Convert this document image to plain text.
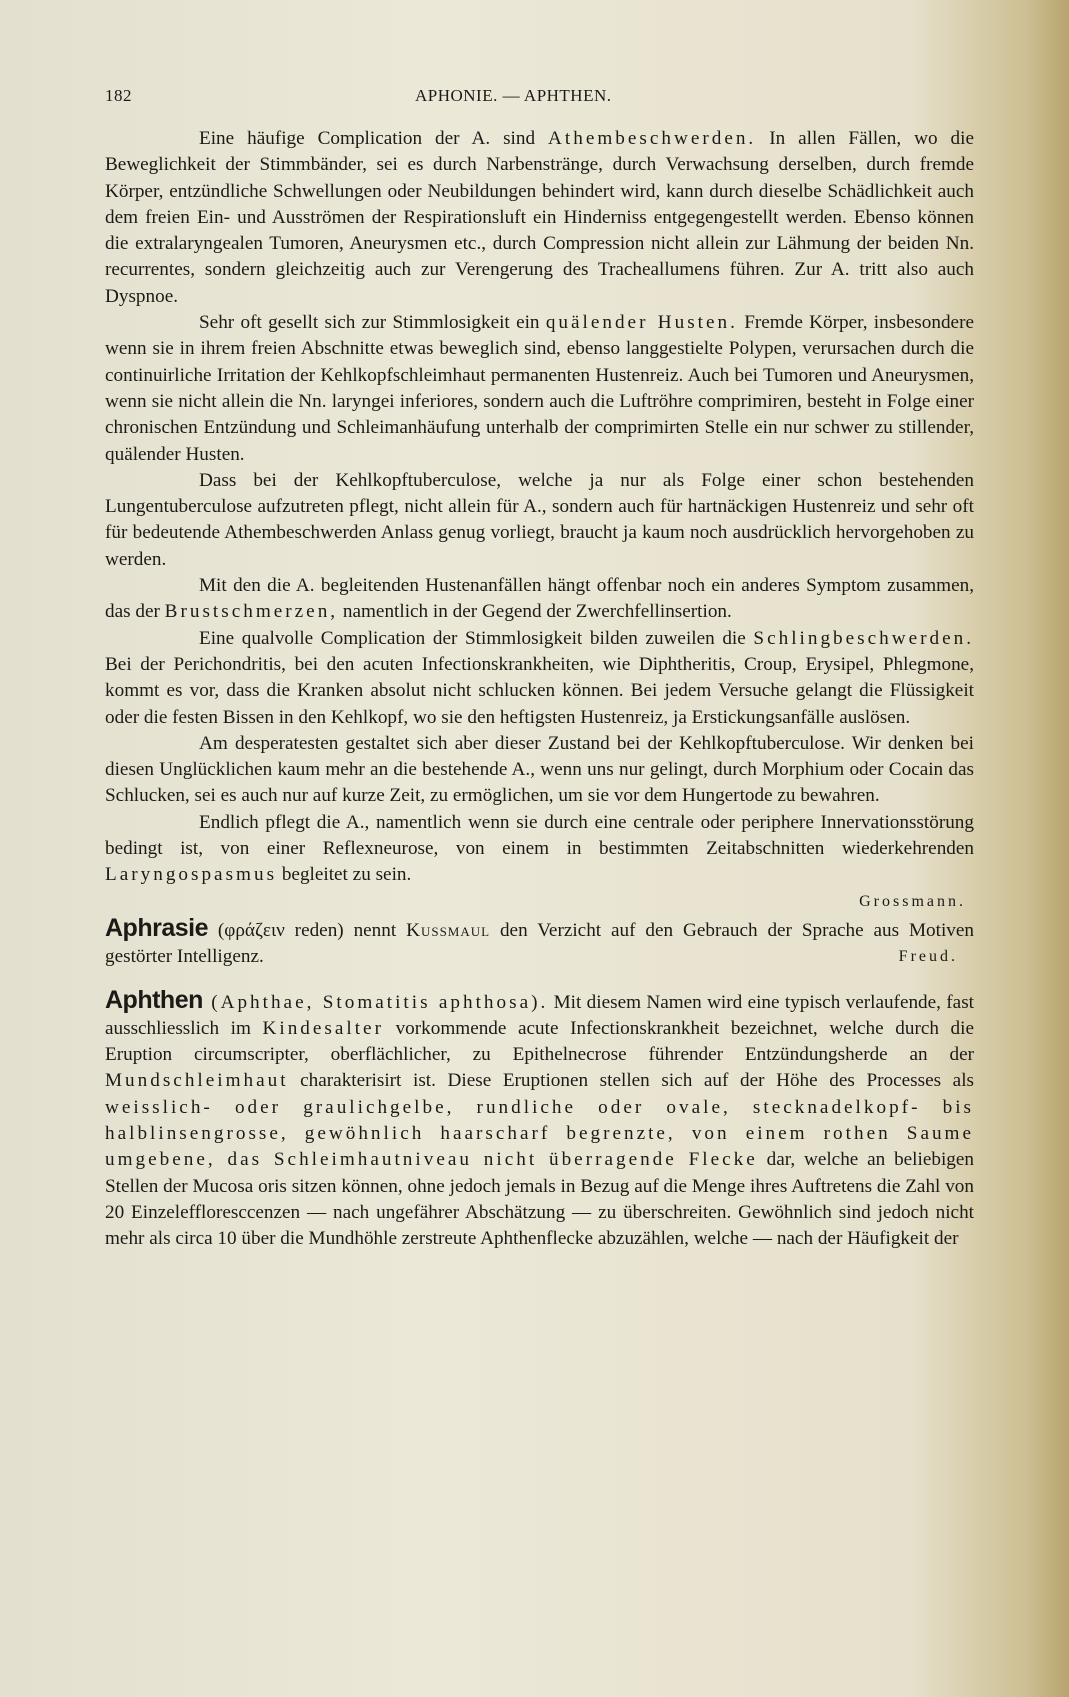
182	APHONIE. — APHTHEN.

Eine häufige Complication der A. sind Athembeschwerden. In allen Fällen, wo die Beweglichkeit der Stimmbänder, sei es durch Narbenstränge, durch Verwachsung derselben, durch fremde Körper, entzündliche Schwellungen oder Neubildungen behindert wird, kann durch dieselbe Schädlichkeit auch dem freien Ein- und Ausströmen der Respirationsluft ein Hinderniss entgegengestellt werden. Ebenso können die extralaryngealen Tumoren, Aneurysmen etc., durch Compression nicht allein zur Lähmung der beiden Nn. recurrentes, sondern gleichzeitig auch zur Verengerung des Tracheallumens führen. Zur A. tritt also auch Dyspnoe.

Sehr oft gesellt sich zur Stimmlosigkeit ein quälender Husten. Fremde Körper, insbesondere wenn sie in ihrem freien Abschnitte etwas beweglich sind, ebenso langgestielte Polypen, verursachen durch die continuirliche Irritation der Kehlkopfschleimhaut permanenten Hustenreiz. Auch bei Tumoren und Aneurysmen, wenn sie nicht allein die Nn. laryngei inferiores, sondern auch die Luftröhre comprimiren, besteht in Folge einer chronischen Entzündung und Schleimanhäufung unterhalb der comprimirten Stelle ein nur schwer zu stillender, quälender Husten.

Dass bei der Kehlkopftuberculose, welche ja nur als Folge einer schon bestehenden Lungentuberculose aufzutreten pflegt, nicht allein für A., sondern auch für hartnäckigen Hustenreiz und sehr oft für bedeutende Athembeschwerden Anlass genug vorliegt, braucht ja kaum noch ausdrücklich hervorgehoben zu werden.

Mit den die A. begleitenden Hustenanfällen hängt offenbar noch ein anderes Symptom zusammen, das der Brustschmerzen, namentlich in der Gegend der Zwerchfellinsertion.

Eine qualvolle Complication der Stimmlosigkeit bilden zuweilen die Schlingbeschwerden. Bei der Perichondritis, bei den acuten Infectionskrankheiten, wie Diphtheritis, Croup, Erysipel, Phlegmone, kommt es vor, dass die Kranken absolut nicht schlucken können. Bei jedem Versuche gelangt die Flüssigkeit oder die festen Bissen in den Kehlkopf, wo sie den heftigsten Hustenreiz, ja Erstickungsanfälle auslösen.

Am desperatesten gestaltet sich aber dieser Zustand bei der Kehlkopftuberculose. Wir denken bei diesen Unglücklichen kaum mehr an die bestehende A., wenn uns nur gelingt, durch Morphium oder Cocain das Schlucken, sei es auch nur auf kurze Zeit, zu ermöglichen, um sie vor dem Hungertode zu bewahren.

Endlich pflegt die A., namentlich wenn sie durch eine centrale oder periphere Innervationsstörung bedingt ist, von einer Reflexneurose, von einem in bestimmten Zeitabschnitten wiederkehrenden Laryngospasmus begleitet zu sein.

Grossmann.

Aphrasie (φράζειν reden) nennt Kussmaul den Verzicht auf den Gebrauch der Sprache aus Motiven gestörter Intelligenz.	Freud.

Aphthen (Aphthae, Stomatitis aphthosa). Mit diesem Namen wird eine typisch verlaufende, fast ausschliesslich im Kindesalter vorkommende acute Infectionskrankheit bezeichnet, welche durch die Eruption circumscripter, oberflächlicher, zu Epithelnecrose führender Entzündungsherde an der Mundschleimhaut charakterisirt ist. Diese Eruptionen stellen sich auf der Höhe des Processes als weisslich- oder graulichgelbe, rundliche oder ovale, stecknadelkopf- bis halblinsengrosse, gewöhnlich haarscharf begrenzte, von einem rothen Saume umgebene, das Schleimhautniveau nicht überragende Flecke dar, welche an beliebigen Stellen der Mucosa oris sitzen können, ohne jedoch jemals in Bezug auf die Menge ihres Auftretens die Zahl von 20 Einzeleffloresccenzen — nach ungefährer Abschätzung — zu überschreiten. Gewöhnlich sind jedoch nicht mehr als circa 10 über die Mundhöhle zerstreute Aphthenflecke abzuzählen, welche — nach der Häufigkeit der
